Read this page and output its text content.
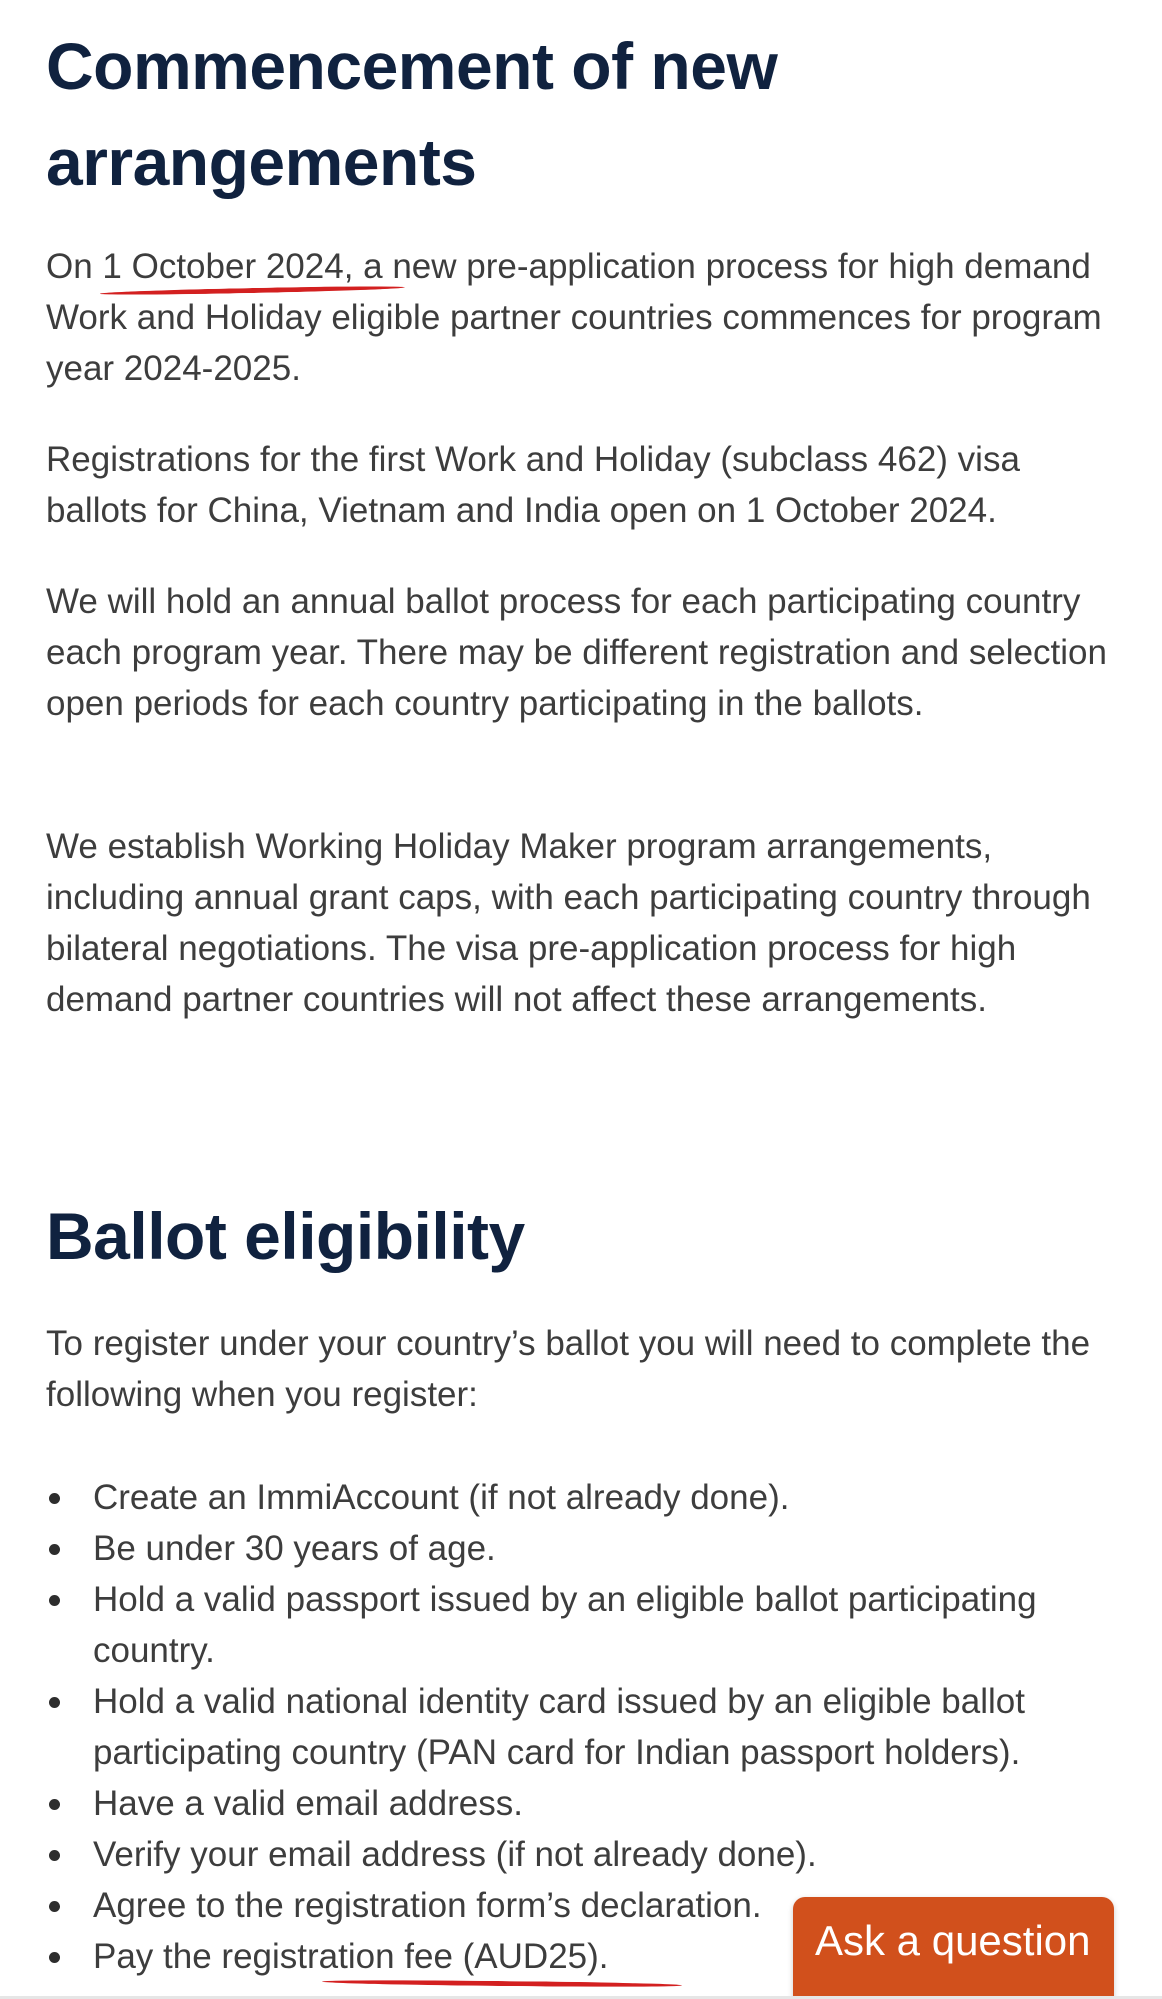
Commencement of new arrangements

On 1 October 2024, a new pre-application process for high demand Work and Holiday eligible partner countries commences for program year 2024-2025.

Registrations for the first Work and Holiday (subclass 462) visa ballots for China, Vietnam and India open on 1 October 2024.

We will hold an annual ballot process for each participating country each program year. There may be different registration and selection open periods for each country participating in the ballots.

We establish Working Holiday Maker program arrangements, including annual grant caps, with each participating country through bilateral negotiations. The visa pre-application process for high demand partner countries will not affect these arrangements.

Ballot eligibility

To register under your country’s ballot you will need to complete the following when you register:

Create an ImmiAccount (if not already done).
Be under 30 years of age.
Hold a valid passport issued by an eligible ballot participating country.
Hold a valid national identity card issued by an eligible ballot participating country (PAN card for Indian passport holders).
Have a valid email address.
Verify your email address (if not already done).
Agree to the registration form’s declaration.
Pay the registration fee (AUD25).	Ask a question
